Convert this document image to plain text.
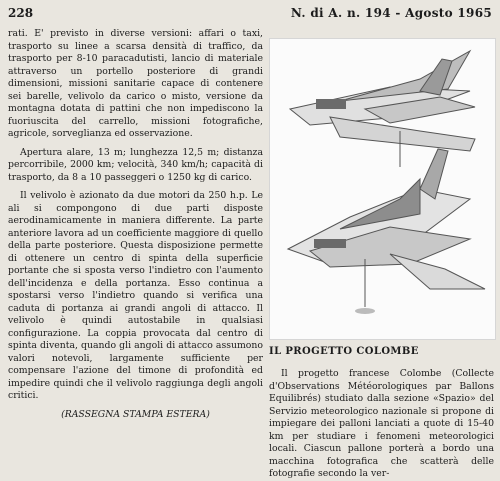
228	N. di A. n. 194 - Agosto 1965

rati. E' previsto in diverse versioni: affari o taxi, trasporto su linee a scarsa densità di traffico, da trasporto per 8-10 paracadutisti, lancio di materiale attraverso un portello posteriore di grandi dimensioni, missioni sanitarie capace di contenere sei barelle, velivolo da carico o misto, versione da montagna dotata di pattini che non impediscono la fuoriuscita del carrello, missioni fotografiche, agricole, sorveglianza ed osservazione.

Apertura alare, 13 m; lunghezza 12,5 m; distanza percorribile, 2000 km; velocità, 340 km/h; capacità di trasporto, da 8 a 10 passeggeri o 1250 kg di carico.

Il velivolo è azionato da due motori da 250 h.p. Le ali si compongono di due parti disposte aerodinamicamente in maniera differente. La parte anteriore lavora ad un coefficiente maggiore di quello della parte posteriore. Questa disposizione permette di ottenere un centro di spinta della superficie portante che si sposta verso l'indietro con l'aumento dell'incidenza e della portanza. Esso continua a spostarsi verso l'indietro quando si verifica una caduta di portanza ai grandi angoli di attacco. Il velivolo è quindi autostabile in qualsiasi configurazione. La coppia provocata dal centro di spinta diventa, quando gli angoli di attacco assumono valori notevoli, largamente sufficiente per compensare l'azione del timone di profondità ed impedire quindi che il velivolo raggiunga degli angoli critici.

(RASSEGNA STAMPA ESTERA)
IL PROGETTO COLOMBE
Il progetto francese Colombe (Collecte d'Observations Météorologiques par Ballons Equilibrés) studiato dalla sezione «Spazio» del Servizio meteorologico nazionale si propone di impiegare dei palloni lanciati a quote di 15-40 km per studiare i fenomeni meteorologici locali. Ciascun pallone porterà a bordo una macchina fotografica che scatterà delle fotografie secondo la ver-
